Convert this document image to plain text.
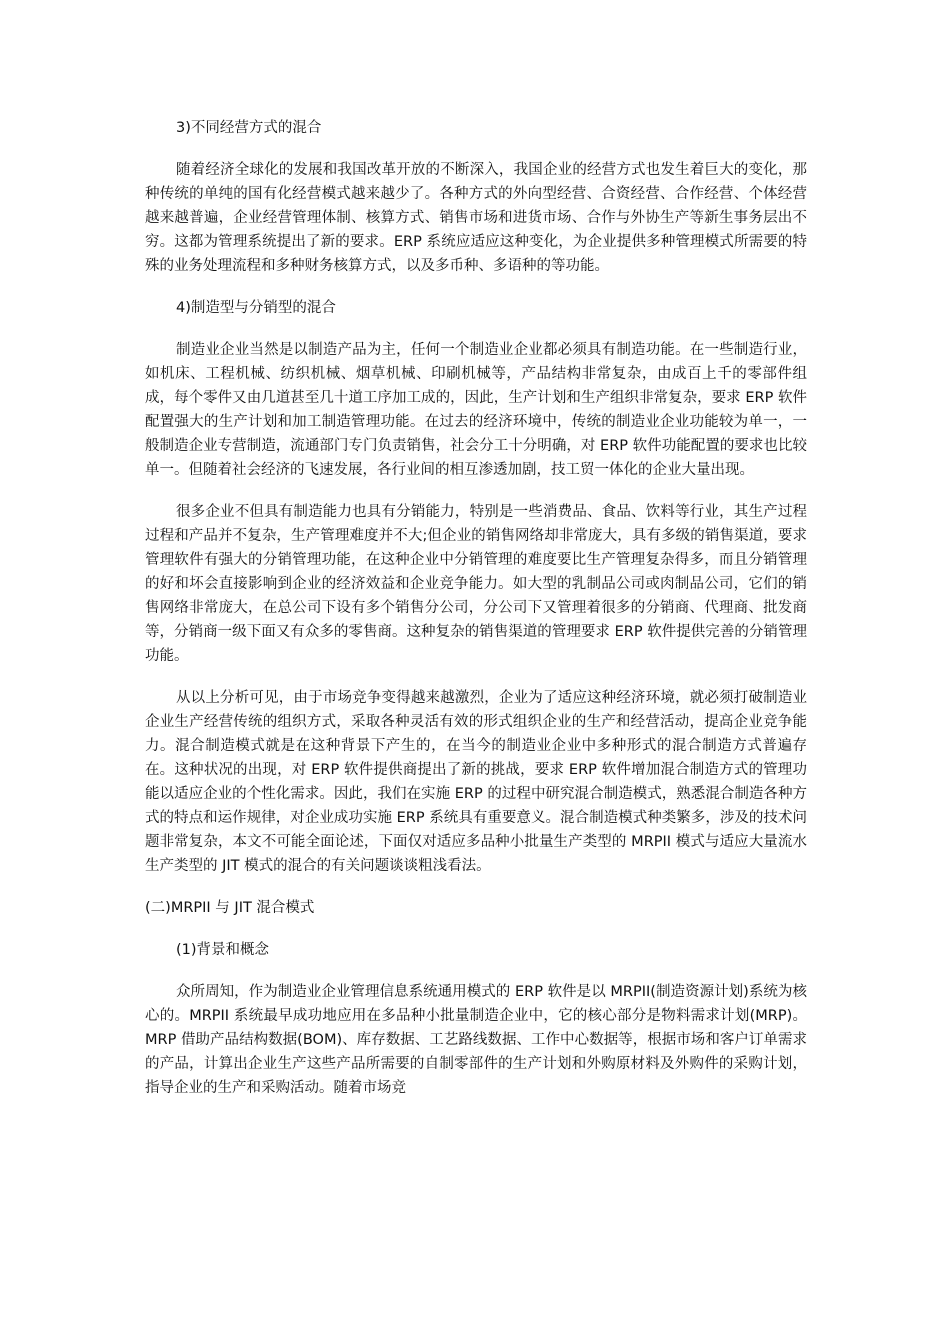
3)不同经营方式的混合

随着经济全球化的发展和我国改革开放的不断深入，我国企业的经营方式也发生着巨大的变化，那种传统的单纯的国有化经营模式越来越少了。各种方式的外向型经营、合资经营、合作经营、个体经营越来越普遍，企业经营管理体制、核算方式、销售市场和进货市场、合作与外协生产等新生事务层出不穷。这都为管理系统提出了新的要求。ERP 系统应适应这种变化，为企业提供多种管理模式所需要的特殊的业务处理流程和多种财务核算方式，以及多币种、多语种的等功能。

4)制造型与分销型的混合

制造业企业当然是以制造产品为主，任何一个制造业企业都必须具有制造功能。在一些制造行业，如机床、工程机械、纺织机械、烟草机械、印刷机械等，产品结构非常复杂，由成百上千的零部件组成，每个零件又由几道甚至几十道工序加工成的，因此，生产计划和生产组织非常复杂，要求 ERP 软件配置强大的生产计划和加工制造管理功能。在过去的经济环境中，传统的制造业企业功能较为单一，一般制造企业专营制造，流通部门专门负责销售，社会分工十分明确，对 ERP 软件功能配置的要求也比较单一。但随着社会经济的飞速发展，各行业间的相互渗透加剧，技工贸一体化的企业大量出现。

很多企业不但具有制造能力也具有分销能力，特别是一些消费品、食品、饮料等行业，其生产过程过程和产品并不复杂，生产管理难度并不大;但企业的销售网络却非常庞大，具有多级的销售渠道，要求管理软件有强大的分销管理功能，在这种企业中分销管理的难度要比生产管理复杂得多，而且分销管理的好和坏会直接影响到企业的经济效益和企业竞争能力。如大型的乳制品公司或肉制品公司，它们的销售网络非常庞大，在总公司下设有多个销售分公司，分公司下又管理着很多的分销商、代理商、批发商等，分销商一级下面又有众多的零售商。这种复杂的销售渠道的管理要求 ERP 软件提供完善的分销管理功能。

从以上分析可见，由于市场竞争变得越来越激烈，企业为了适应这种经济环境，就必须打破制造业企业生产经营传统的组织方式，采取各种灵活有效的形式组织企业的生产和经营活动，提高企业竞争能力。混合制造模式就是在这种背景下产生的，在当今的制造业企业中多种形式的混合制造方式普遍存在。这种状况的出现，对 ERP 软件提供商提出了新的挑战，要求 ERP 软件增加混合制造方式的管理功能以适应企业的个性化需求。因此，我们在实施 ERP 的过程中研究混合制造模式，熟悉混合制造各种方式的特点和运作规律，对企业成功实施 ERP 系统具有重要意义。混合制造模式种类繁多，涉及的技术问题非常复杂，本文不可能全面论述，下面仅对适应多品种小批量生产类型的 MRPII 模式与适应大量流水生产类型的 JIT 模式的混合的有关问题谈谈粗浅看法。

(二)MRPII 与 JIT 混合模式

(1)背景和概念

众所周知，作为制造业企业管理信息系统通用模式的 ERP 软件是以 MRPII(制造资源计划)系统为核心的。MRPII 系统最早成功地应用在多品种小批量制造企业中，它的核心部分是物料需求计划(MRP)。MRP 借助产品结构数据(BOM)、库存数据、工艺路线数据、工作中心数据等，根据市场和客户订单需求的产品，计算出企业生产这些产品所需要的自制零部件的生产计划和外购原材料及外购件的采购计划，指导企业的生产和采购活动。随着市场竞
